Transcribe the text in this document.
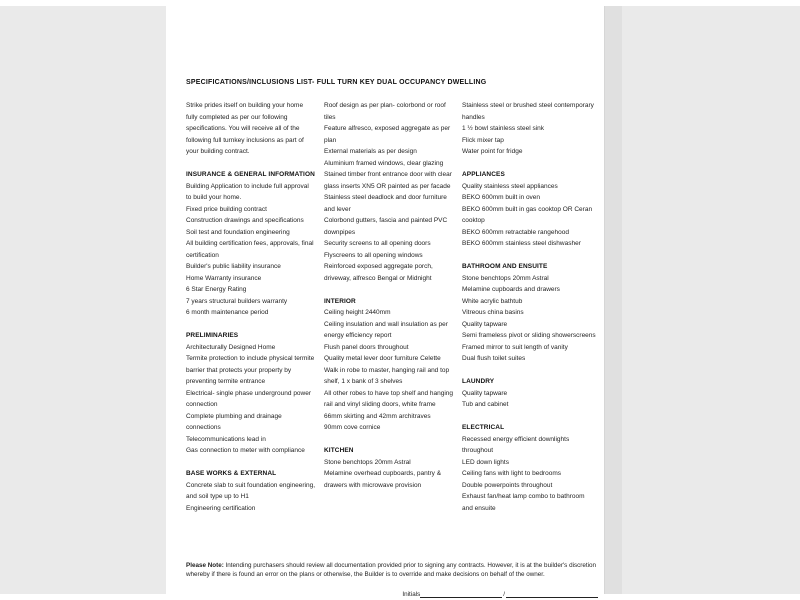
SPECIFICATIONS/INCLUSIONS LIST- FULL TURN KEY DUAL OCCUPANCY DWELLING

Strike prides itself on building your home fully completed as per our following specifications. You will receive all of the following full turnkey inclusions as part of your building contract.

INSURANCE & GENERAL INFORMATION

Building Application to include full approval to build your home.

Fixed price building contract

Construction drawings and specifications

Soil test and foundation engineering

All building certification fees, approvals, final certification

Builder's public liability insurance

Home Warranty insurance

6 Star Energy Rating

7 years structural builders warranty

6 month maintenance period

PRELIMINARIES

Architecturally Designed Home

Termite protection to include physical termite barrier that protects your property by preventing termite entrance

Electrical- single phase underground power connection

Complete plumbing and drainage connections

Telecommunications lead in

Gas connection to meter with compliance

BASE WORKS & EXTERNAL

Concrete slab to suit foundation engineering, and soil type up to H1

Engineering certification

Roof design as per plan- colorbond or roof tiles

Feature alfresco, exposed aggregate as per plan

External materials as per design

Aluminium framed windows, clear glazing

Stained timber front entrance door with clear glass inserts XN5 OR painted as per facade

Stainless steel deadlock and door furniture and lever

Colorbond gutters, fascia and painted PVC downpipes

Security screens to all opening doors

Flyscreens to all opening windows

Reinforced exposed aggregate porch, driveway, alfresco Bengal or Midnight

INTERIOR

Ceiling height 2440mm

Ceiling insulation and wall insulation as per energy efficiency report

Flush panel doors throughout

Quality metal lever door furniture Celette

Walk in robe to master, hanging rail and top shelf, 1 x bank of 3 shelves

All other robes to have top shelf and hanging rail and vinyl sliding doors, white frame

66mm skirting and 42mm architraves

90mm cove cornice

KITCHEN

Stone benchtops 20mm Astral

Melamine overhead cupboards, pantry & drawers with microwave provision

Stainless steel or brushed steel contemporary handles

1 ½ bowl stainless steel sink

Flick mixer tap

Water point for fridge

APPLIANCES

Quality stainless steel appliances

BEKO 600mm built in oven

BEKO 600mm built in gas cooktop OR Ceran cooktop

BEKO 600mm retractable rangehood

BEKO 600mm stainless steel dishwasher

BATHROOM AND ENSUITE

Stone benchtops 20mm Astral

Melamine cupboards and drawers

White acrylic bathtub

Vitreous china basins

Quality tapware

Semi frameless pivot or sliding showerscreens

Framed mirror to suit length of vanity

Dual flush toilet suites

LAUNDRY

Quality tapware

Tub and cabinet

ELECTRICAL

Recessed energy efficient downlights throughout

LED down lights

Ceiling fans with light to bedrooms

Double powerpoints throughout

Exhaust fan/heat lamp combo to bathroom and ensuite

Please Note: Intending purchasers should review all documentation provided prior to signing any contracts. However, it is at the builder's discretion whereby if there is found an error on the plans or otherwise, the Builder is to override and make decisions on behalf of the owner.
Initials	/
